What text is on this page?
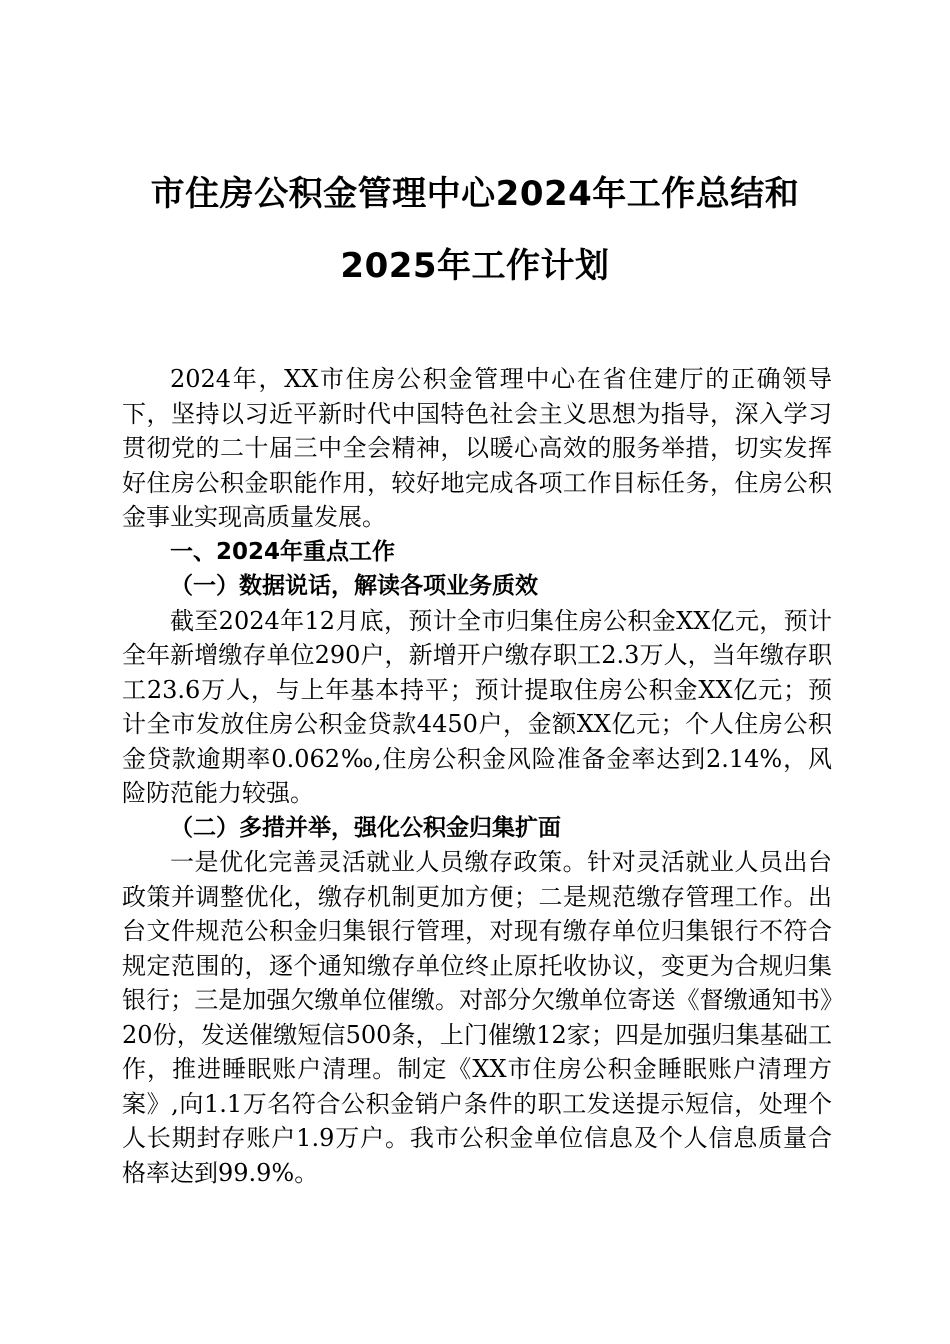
市住房公积金管理中心2024年工作总结和
2025年工作计划

2024年，XX市住房公积金管理中心在省住建厅的正确领导下，坚持以习近平新时代中国特色社会主义思想为指导，深入学习贯彻党的二十届三中全会精神，以暖心高效的服务举措，切实发挥好住房公积金职能作用，较好地完成各项工作目标任务，住房公积金事业实现高质量发展。

一、2024年重点工作

（一）数据说话，解读各项业务质效

截至2024年12月底，预计全市归集住房公积金XX亿元，预计全年新增缴存单位290户，新增开户缴存职工2.3万人，当年缴存职工23.6万人，与上年基本持平；预计提取住房公积金XX亿元；预计全市发放住房公积金贷款4450户，金额XX亿元；个人住房公积金贷款逾期率0.062‰,住房公积金风险准备金率达到2.14%，风险防范能力较强。

（二）多措并举，强化公积金归集扩面

一是优化完善灵活就业人员缴存政策。针对灵活就业人员出台政策并调整优化，缴存机制更加方便；二是规范缴存管理工作。出台文件规范公积金归集银行管理，对现有缴存单位归集银行不符合规定范围的，逐个通知缴存单位终止原托收协议，变更为合规归集银行；三是加强欠缴单位催缴。对部分欠缴单位寄送《督缴通知书》20份，发送催缴短信500条，上门催缴12家；四是加强归集基础工作，推进睡眠账户清理。制定《XX市住房公积金睡眠账户清理方案》,向1.1万名符合公积金销户条件的职工发送提示短信，处理个人长期封存账户1.9万户。我市公积金单位信息及个人信息质量合格率达到99.9%。
